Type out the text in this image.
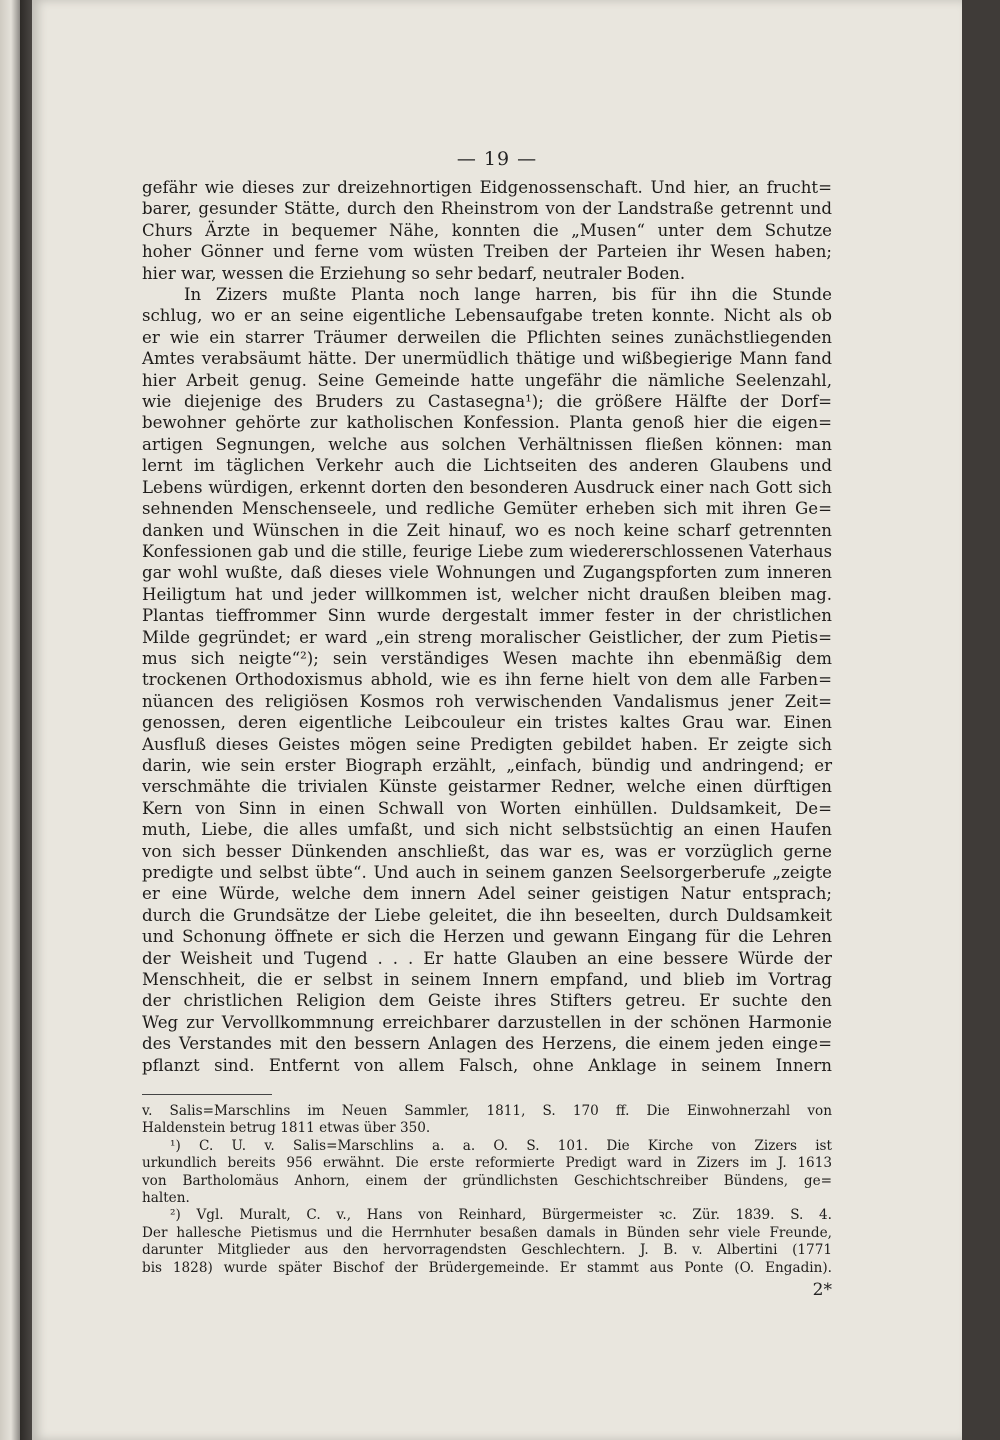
— 19 —
gefähr wie dieses zur dreizehnortigen Eidgenossenschaft. Und hier, an frucht=
barer, gesunder Stätte, durch den Rheinstrom von der Landstraße getrennt und
Churs Ärzte in bequemer Nähe, konnten die „Musen“ unter dem Schutze
hoher Gönner und ferne vom wüsten Treiben der Parteien ihr Wesen haben;
hier war, wessen die Erziehung so sehr bedarf, neutraler Boden.
In Zizers mußte Planta noch lange harren, bis für ihn die Stunde
schlug, wo er an seine eigentliche Lebensaufgabe treten konnte. Nicht als ob
er wie ein starrer Träumer derweilen die Pflichten seines zunächstliegenden
Amtes verabsäumt hätte. Der unermüdlich thätige und wißbegierige Mann fand
hier Arbeit genug. Seine Gemeinde hatte ungefähr die nämliche Seelenzahl,
wie diejenige des Bruders zu Castasegna¹); die größere Hälfte der Dorf=
bewohner gehörte zur katholischen Konfession. Planta genoß hier die eigen=
artigen Segnungen, welche aus solchen Verhältnissen fließen können: man
lernt im täglichen Verkehr auch die Lichtseiten des anderen Glaubens und
Lebens würdigen, erkennt dorten den besonderen Ausdruck einer nach Gott sich
sehnenden Menschenseele, und redliche Gemüter erheben sich mit ihren Ge=
danken und Wünschen in die Zeit hinauf, wo es noch keine scharf getrennten
Konfessionen gab und die stille, feurige Liebe zum wiedererschlossenen Vaterhaus
gar wohl wußte, daß dieses viele Wohnungen und Zugangspforten zum inneren
Heiligtum hat und jeder willkommen ist, welcher nicht draußen bleiben mag.
Plantas tieffrommer Sinn wurde dergestalt immer fester in der christlichen
Milde gegründet; er ward „ein streng moralischer Geistlicher, der zum Pietis=
mus sich neigte“²); sein verständiges Wesen machte ihn ebenmäßig dem
trockenen Orthodoxismus abhold, wie es ihn ferne hielt von dem alle Farben=
nüancen des religiösen Kosmos roh verwischenden Vandalismus jener Zeit=
genossen, deren eigentliche Leibcouleur ein tristes kaltes Grau war. Einen
Ausfluß dieses Geistes mögen seine Predigten gebildet haben. Er zeigte sich
darin, wie sein erster Biograph erzählt, „einfach, bündig und andringend; er
verschmähte die trivialen Künste geistarmer Redner, welche einen dürftigen
Kern von Sinn in einen Schwall von Worten einhüllen. Duldsamkeit, De=
muth, Liebe, die alles umfaßt, und sich nicht selbstsüchtig an einen Haufen
von sich besser Dünkenden anschließt, das war es, was er vorzüglich gerne
predigte und selbst übte“. Und auch in seinem ganzen Seelsorgerberufe „zeigte
er eine Würde, welche dem innern Adel seiner geistigen Natur entsprach;
durch die Grundsätze der Liebe geleitet, die ihn beseelten, durch Duldsamkeit
und Schonung öffnete er sich die Herzen und gewann Eingang für die Lehren
der Weisheit und Tugend . . . Er hatte Glauben an eine bessere Würde der
Menschheit, die er selbst in seinem Innern empfand, und blieb im Vortrag
der christlichen Religion dem Geiste ihres Stifters getreu. Er suchte den
Weg zur Vervollkommnung erreichbarer darzustellen in der schönen Harmonie
des Verstandes mit den bessern Anlagen des Herzens, die einem jeden einge=
pflanzt sind. Entfernt von allem Falsch, ohne Anklage in seinem Innern
v. Salis=Marschlins im Neuen Sammler, 1811, S. 170 ff. Die Einwohnerzahl von
Haldenstein betrug 1811 etwas über 350.
¹) C. U. v. Salis=Marschlins a. a. O. S. 101. Die Kirche von Zizers ist
urkundlich bereits 956 erwähnt. Die erste reformierte Predigt ward in Zizers im J. 1613
von Bartholomäus Anhorn, einem der gründlichsten Geschichtschreiber Bündens, ge=
halten.
²) Vgl. Muralt, C. v., Hans von Reinhard, Bürgermeister ꝛc. Zür. 1839. S. 4.
Der hallesche Pietismus und die Herrnhuter besaßen damals in Bünden sehr viele Freunde,
darunter Mitglieder aus den hervorragendsten Geschlechtern. J. B. v. Albertini (1771
bis 1828) wurde später Bischof der Brüdergemeinde. Er stammt aus Ponte (O. Engadin).
2*
